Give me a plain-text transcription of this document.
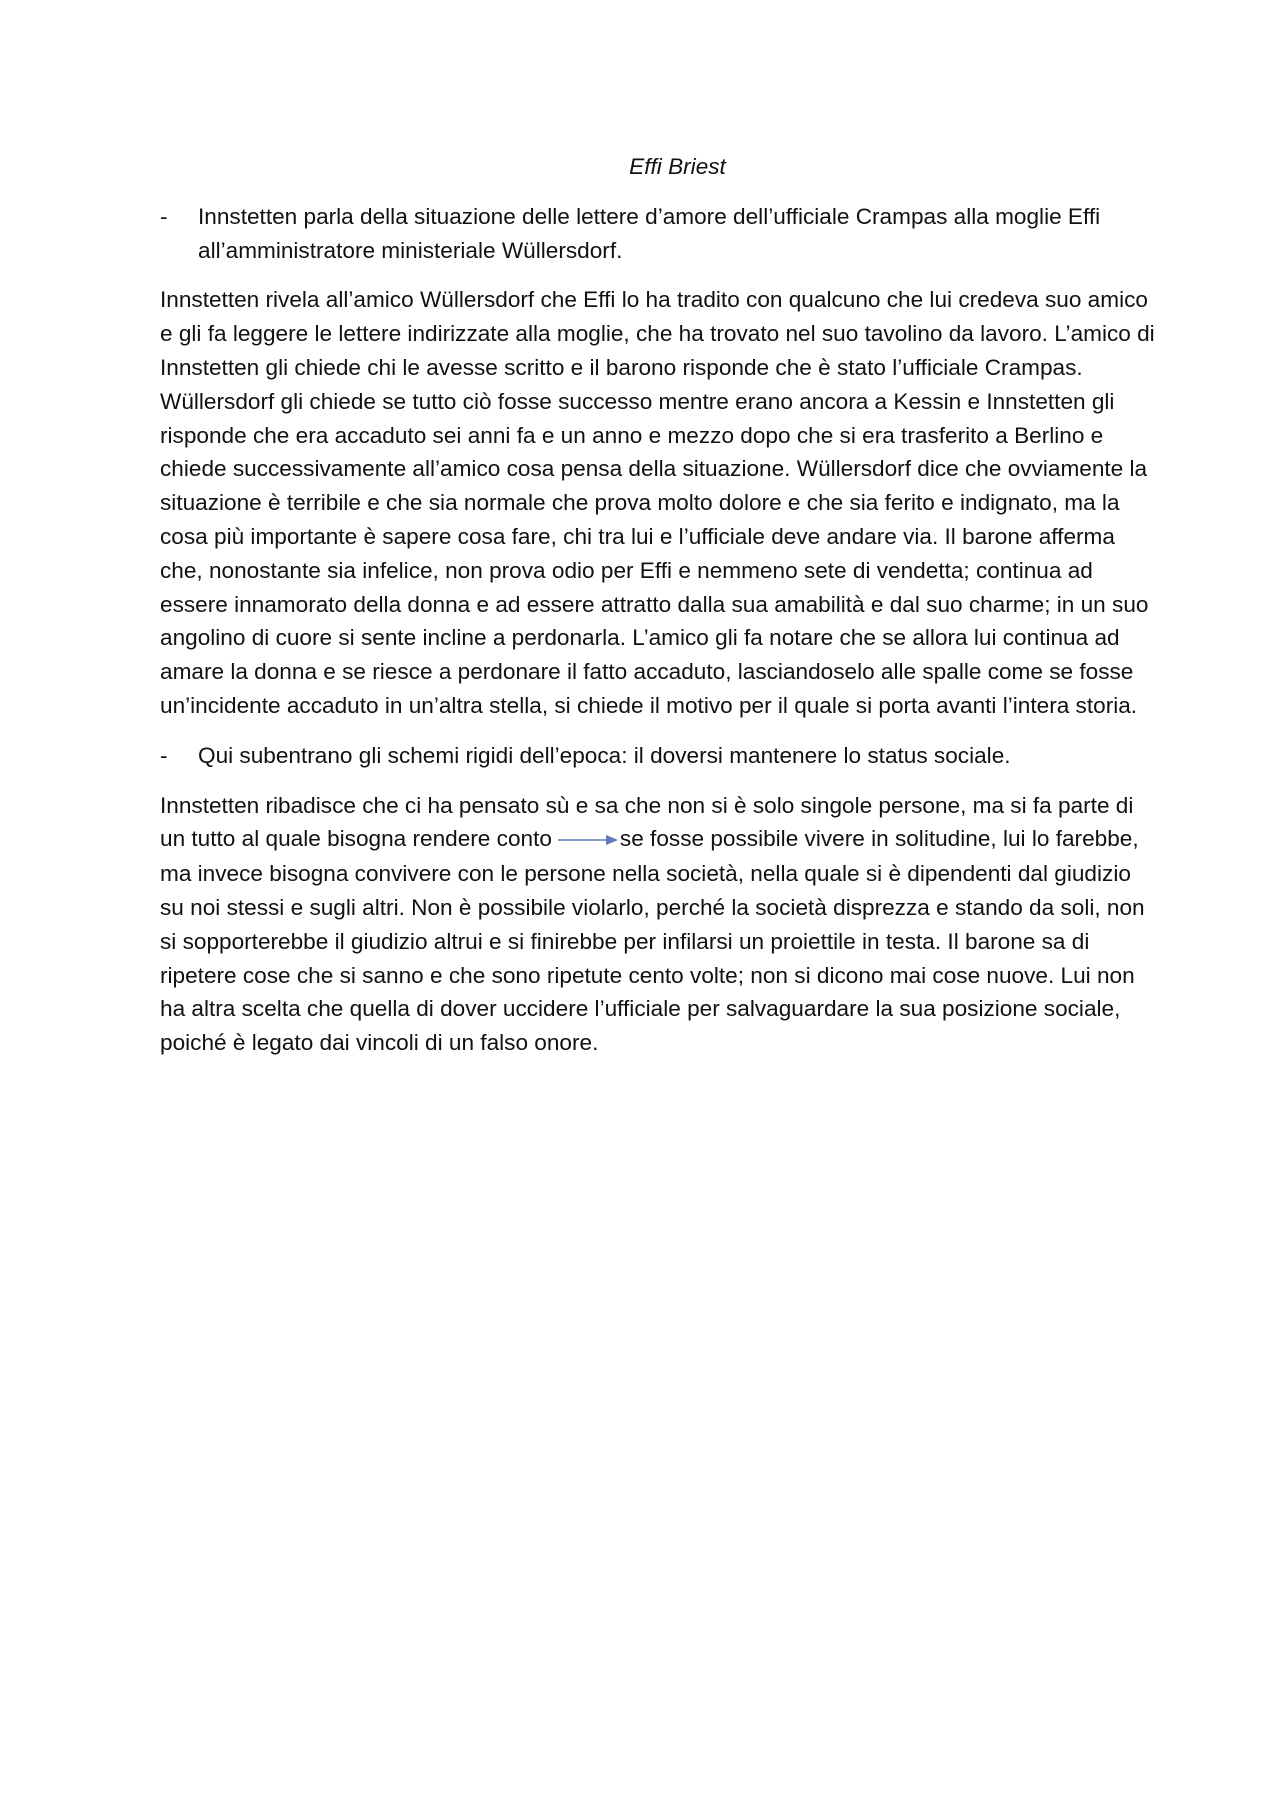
Effi Briest

-	Innstetten parla della situazione delle lettere d’amore dell’ufficiale Crampas alla moglie Effi all’amministratore ministeriale Wüllersdorf.

Innstetten rivela all’amico Wüllersdorf che Effi lo ha tradito con qualcuno che lui credeva suo amico e gli fa leggere le lettere indirizzate alla moglie, che ha trovato nel suo tavolino da lavoro. L’amico di Innstetten gli chiede chi le avesse scritto e il barono risponde che è stato l’ufficiale Crampas. Wüllersdorf gli chiede se tutto ciò fosse successo mentre erano ancora a Kessin e Innstetten gli risponde che era accaduto sei anni fa e un anno e mezzo dopo che si era trasferito a Berlino e chiede successivamente all’amico cosa pensa della situazione. Wüllersdorf dice che ovviamente la situazione è terribile e che sia normale che prova molto dolore e che sia ferito e indignato, ma la cosa più importante è sapere cosa fare, chi tra lui e l’ufficiale deve andare via. Il barone afferma che, nonostante sia infelice, non prova odio per Effi e nemmeno sete di vendetta; continua ad essere innamorato della donna e ad essere attratto dalla sua amabilità e dal suo charme; in un suo angolino di cuore si sente incline a perdonarla. L’amico gli fa notare che se allora lui continua ad amare la donna e se riesce a perdonare il fatto accaduto, lasciandoselo alle spalle come se fosse un’incidente accaduto in un’altra stella, si chiede il motivo per il quale si porta avanti l’intera storia.

-	Qui subentrano gli schemi rigidi dell’epoca: il doversi mantenere lo status sociale.

Innstetten ribadisce che ci ha pensato sù e sa che non si è solo singole persone, ma si fa parte di un tutto al quale bisogna rendere conto	se fosse possibile vivere in solitudine, lui lo farebbe, ma invece bisogna convivere con le persone nella società, nella quale si è dipendenti dal giudizio su noi stessi e sugli altri. Non è possibile violarlo, perché la società disprezza e stando da soli, non si sopporterebbe il giudizio altrui e si finirebbe per infilarsi un proiettile in testa. Il barone sa di ripetere cose che si sanno e che sono ripetute cento volte; non si dicono mai cose nuove. Lui non ha altra scelta che quella di dover uccidere l’ufficiale per salvaguardare la sua posizione sociale, poiché è legato dai vincoli di un falso onore.
